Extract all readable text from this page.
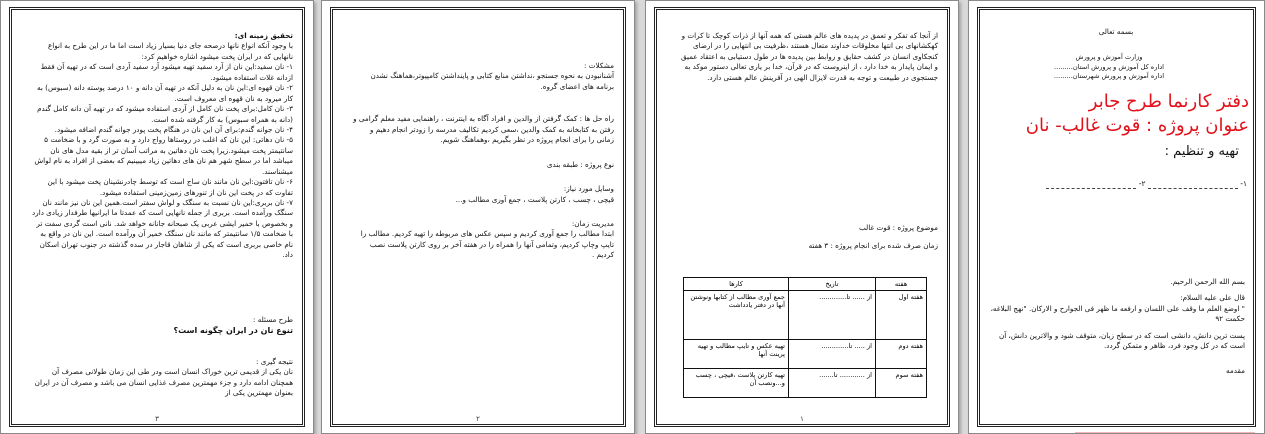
تحقیق زمینه ای:

با وجود آنکه انواع نانها درصحه جای دنیا بسیار زیاد است اما ما در این طرح به انواع نانهایی که در ایران پخت میشود اشاره خواهیم کرد:

۱- نان سفید:این نان از آرد سفید تهیه میشود آرد سفید آردی است که در تهیه آن فقط ازدانه غلات استفاده میشود.

۲- نان قهوه ای:این نان به دلیل آنکه در تهیه آن دانه و ۱۰ درصد پوسته دانه (سبوس) به کار میرود به نان قهوه ای معروف است.

۳- نان کامل:برای پخت نان کامل از آردی استفاده میشود که در تهیه آن دانه کامل گندم (دانه به همراه سبوس) به کار گرفته شده است.

۴- نان جوانه گندم:برای آن این نان در هنگام پخت پودر جوانه گندم اضافه میشود.

۵- نان دهاتی: این نان که اغلب در روستاها رواج دارد و به صورت گرد و با ضخامت ۵ سانتیمتر پخت میشود.زیرا پخت نان دهاتین به مراتب آسان تر از بقیه مدل های نان میباشد اما در سطح شهر هم نان های دهاتین زیاد میبینیم که بعضی از افراد به نام لواش میشناسند.

۶- نان تافتون:این نان مانند نان ساج است که توسط چادرنشینان پخت میشود با این تفاوت که در پخت این نان از تنورهای زمین‌زمینی استفاده میشود.

۷- نان بربری:این نان نسبت به سنگک و لواش سفتر است.همین این نان نیز مانند نان سنگک ورآمده است. بربری از جمله نانهایی است که عمدتا ما ایرانیها طرفدار زیادی دارد و بخصوص با خمیر ایشی عربی یک صبحانه جانانه خواهد شد. نانی است گردی سفت تر با ضخامت ۱/۵ سانتیمتر که مانند نان سنگک خمیر آن ورآمده است. این نان در واقع به نام خاصی بربری است که یکی از شاهان قاجار در سده گذشته در جنوب تهران اسکان داد.

طرح مسئله :

تنوع نان در ایران چگونه است؟

نتیجه گیری :

نان یکی از قدیمی ترین خوراک انسان است ودر طی این زمان طولانی مصرف آن همچنان ادامه دارد و جزء مهمترین مصرف غذایی انسان می باشد و مصرف آن در ایران بعنوان مهمترین یکی از

۳

مشکلات :

آشنانبودن به نحوه جستجو ،نداشتن منابع کتابی و پاینداشتن کامپیوتر،هماهنگ نشدن برنامه های اعضای گروه.

راه حل ها : کمک گرفتن از والدین و افراد آگاه به اینترنت ، راهنمایی مفید معلم گرامی و رفتن به کتابخانه به کمک والدین ،سعی کردیم تکالیف مدرسه را زودتر انجام دهیم و زمانی را برای انجام پروژه در نظر بگیریم ،وهماهنگ شویم.

نوع پروژه : طبقه بندی

وسایل مورد نیاز:

قیچی ، چسب ، کارتن پلاست ، جمع آوری مطالب و...

مدیریت زمان:

ابتدا مطالب را جمع آوری کردیم و سپس عکس های مربوطه را تهیه کردیم. مطالب را تایپ وچاپ کردیم، وتمامی آنها را همراه را در هفته آخر بر روی کارتن پلاست نصب کردیم .

۲

از آنجا که تفکر و تعمق در پدیده های عالم هستی که همه آنها از ذرات کوچک تا کرات و کهکشانهای بی انتها مخلوقات خداوند متعال هستند ،ظرفیت بی انتهایی را در ارضای کنجکاوی انسان در کشف حقایق و روابط بین پدیده ها در طول دستیابی به اعتقاد عمیق و ایمان پایدار به خدا دارد ، از اینروست که در قرآن، خدا بر یاری تعالی دستور موکد به جستجوی در طبیعت و توجه به قدرت لایزال الهی در آفرینش عالم هستی دارد.

موضوع پروژه : قوت غالب

زمان صرف شده برای انجام پروژه : ۳ هفته

هفته	تاریخ	کارها
هفته اول	از ...... تا.............	جمع آوری مطالب از کتابها ونوشتن آنها در دفتر یادداشت
هفته دوم	از ..... تا.............	تهیه عکس و تایپ مطالب و تهیه پرینت آنها
هفته سوم	از ............ تا.......	تهیه کارتن پلاست ،قیچی ، چسب و...ونصب آن
۱

بسمه تعالی

وزارت آموزش و پرورش

اداره کل آموزش و پرورش استان.........

اداره آموزش و پرورش شهرستان.........

دفتر کارنما طرح جابر
عنوان پروژه : قوت غالب- نان
تهیه و تنظیم :
۱-   ۲-

بسم الله الرحمن الرحیم.

قال علی علیه السلام:

" اوضع العلم ما وقف علی اللسان و ارفعه ما ظهر فی الجوارح و الارکان. "نهج البلاغه، حکمت ۹۲

پست ترین دانش، دانشی است که در سطح زبان، متوقف شود و والاترین دانش، آن است که در کل وجود فرد، ظاهر و متمکن گردد.

مقدمه
